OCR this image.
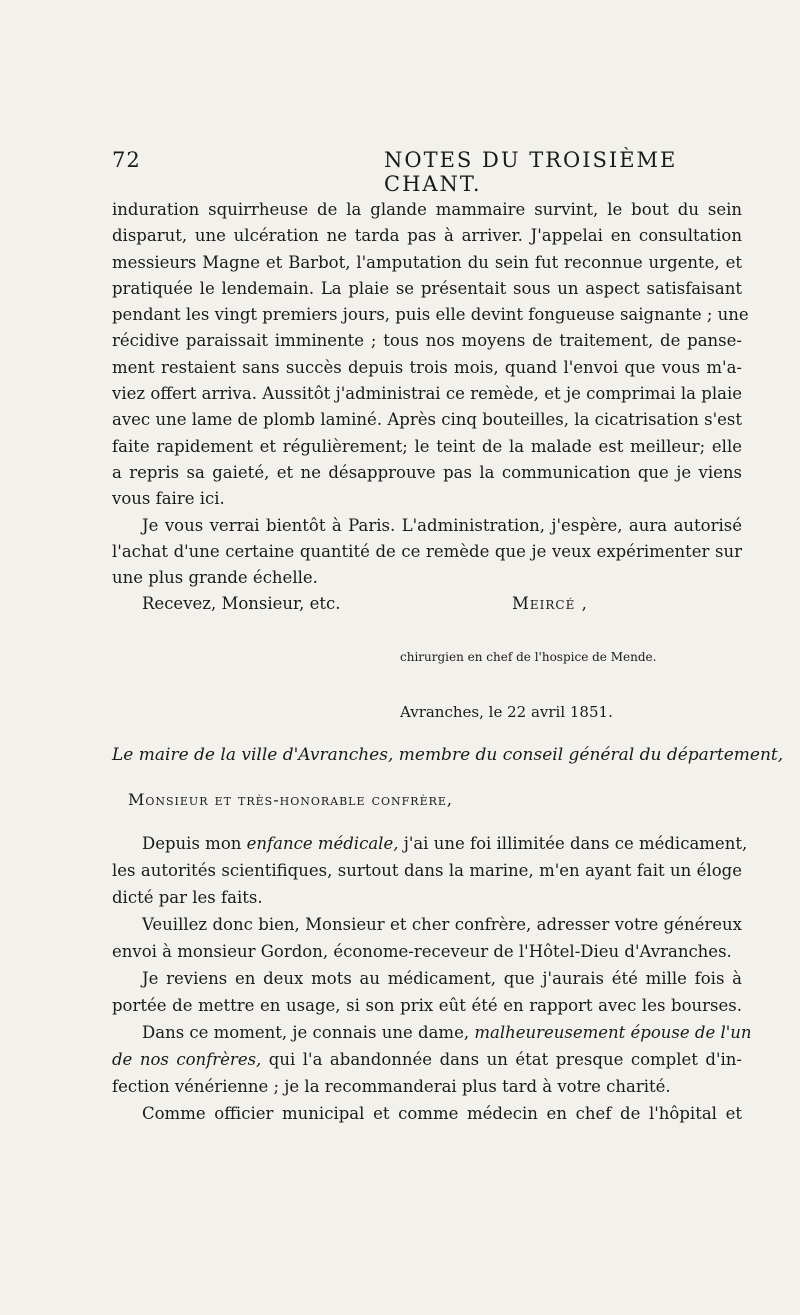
72	NOTES DU TROISIÈME CHANT.
induration squirrheuse de la glande mammaire survint, le bout du sein
disparut, une ulcération ne tarda pas à arriver. J'appelai en consultation
messieurs Magne et Barbot, l'amputation du sein fut reconnue urgente, et
pratiquée le lendemain. La plaie se présentait sous un aspect satisfaisant
pendant les vingt premiers jours, puis elle devint fongueuse saignante ; une
récidive paraissait imminente ; tous nos moyens de traitement, de panse-
ment restaient sans succès depuis trois mois, quand l'envoi que vous m'a-
viez offert arriva. Aussitôt j'administrai ce remède, et je comprimai la plaie
avec une lame de plomb laminé. Après cinq bouteilles, la cicatrisation s'est
faite rapidement et régulièrement; le teint de la malade est meilleur; elle
a repris sa gaieté, et ne désapprouve pas la communication que je viens
vous faire ici.
Je vous verrai bientôt à Paris. L'administration, j'espère, aura autorisé
l'achat d'une certaine quantité de ce remède que je veux expérimenter sur
une plus grande échelle.
Recevez, Monsieur, etc.	Meircé ,
chirurgien en chef de l'hospice de Mende.
Avranches, le 22 avril 1851.
Le maire de la ville d'Avranches, membre du conseil général du département,
Monsieur et très-honorable confrère,
Depuis mon enfance médicale, j'ai une foi illimitée dans ce médicament,
les autorités scientifiques, surtout dans la marine, m'en ayant fait un éloge
dicté par les faits.
Veuillez donc bien, Monsieur et cher confrère, adresser votre généreux
envoi à monsieur Gordon, économe-receveur de l'Hôtel-Dieu d'Avranches.
Je reviens en deux mots au médicament, que j'aurais été mille fois à
portée de mettre en usage, si son prix eût été en rapport avec les bourses.
Dans ce moment, je connais une dame, malheureusement épouse de l'un
de nos confrères, qui l'a abandonnée dans un état presque complet d'in-
fection vénérienne ; je la recommanderai plus tard à votre charité.
Comme officier municipal et comme médecin en chef de l'hôpital et
